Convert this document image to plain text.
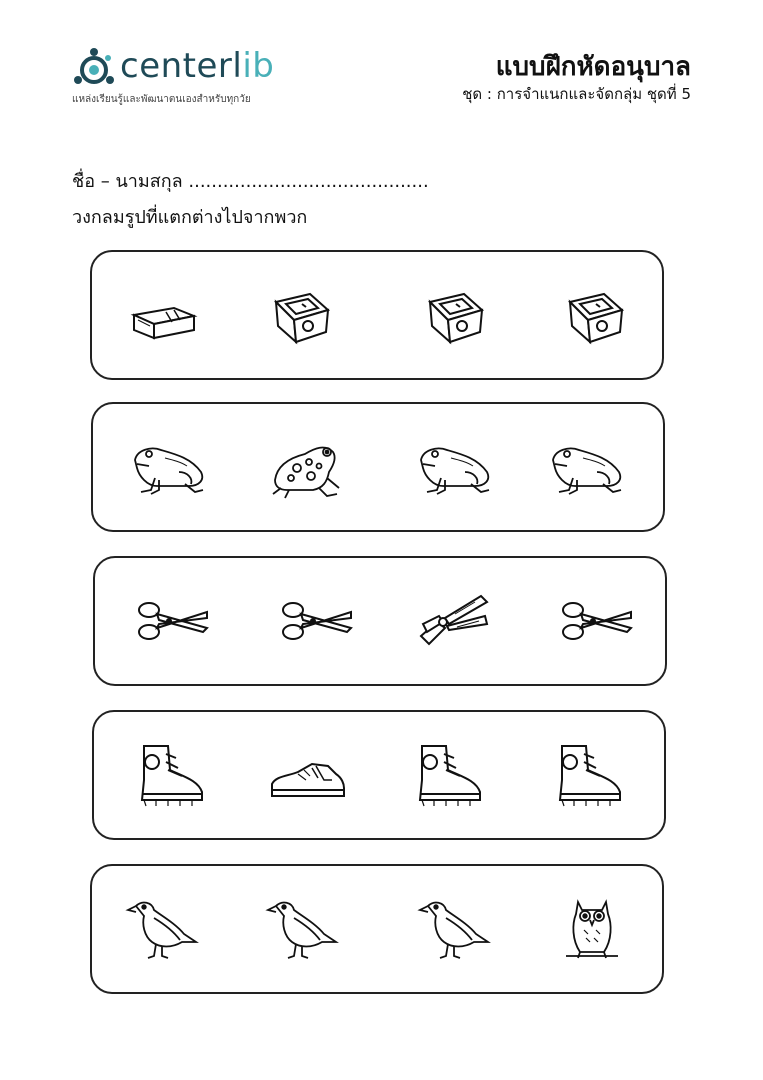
centerlib
แหล่งเรียนรู้และพัฒนาตนเองสำหรับทุกวัย
แบบฝึกหัดอนุบาล
ชุด : การจำแนกและจัดกลุ่ม ชุดที่ 5
ชื่อ – นามสกุล ..........................................
วงกลมรูปที่แตกต่างไปจากพวก
